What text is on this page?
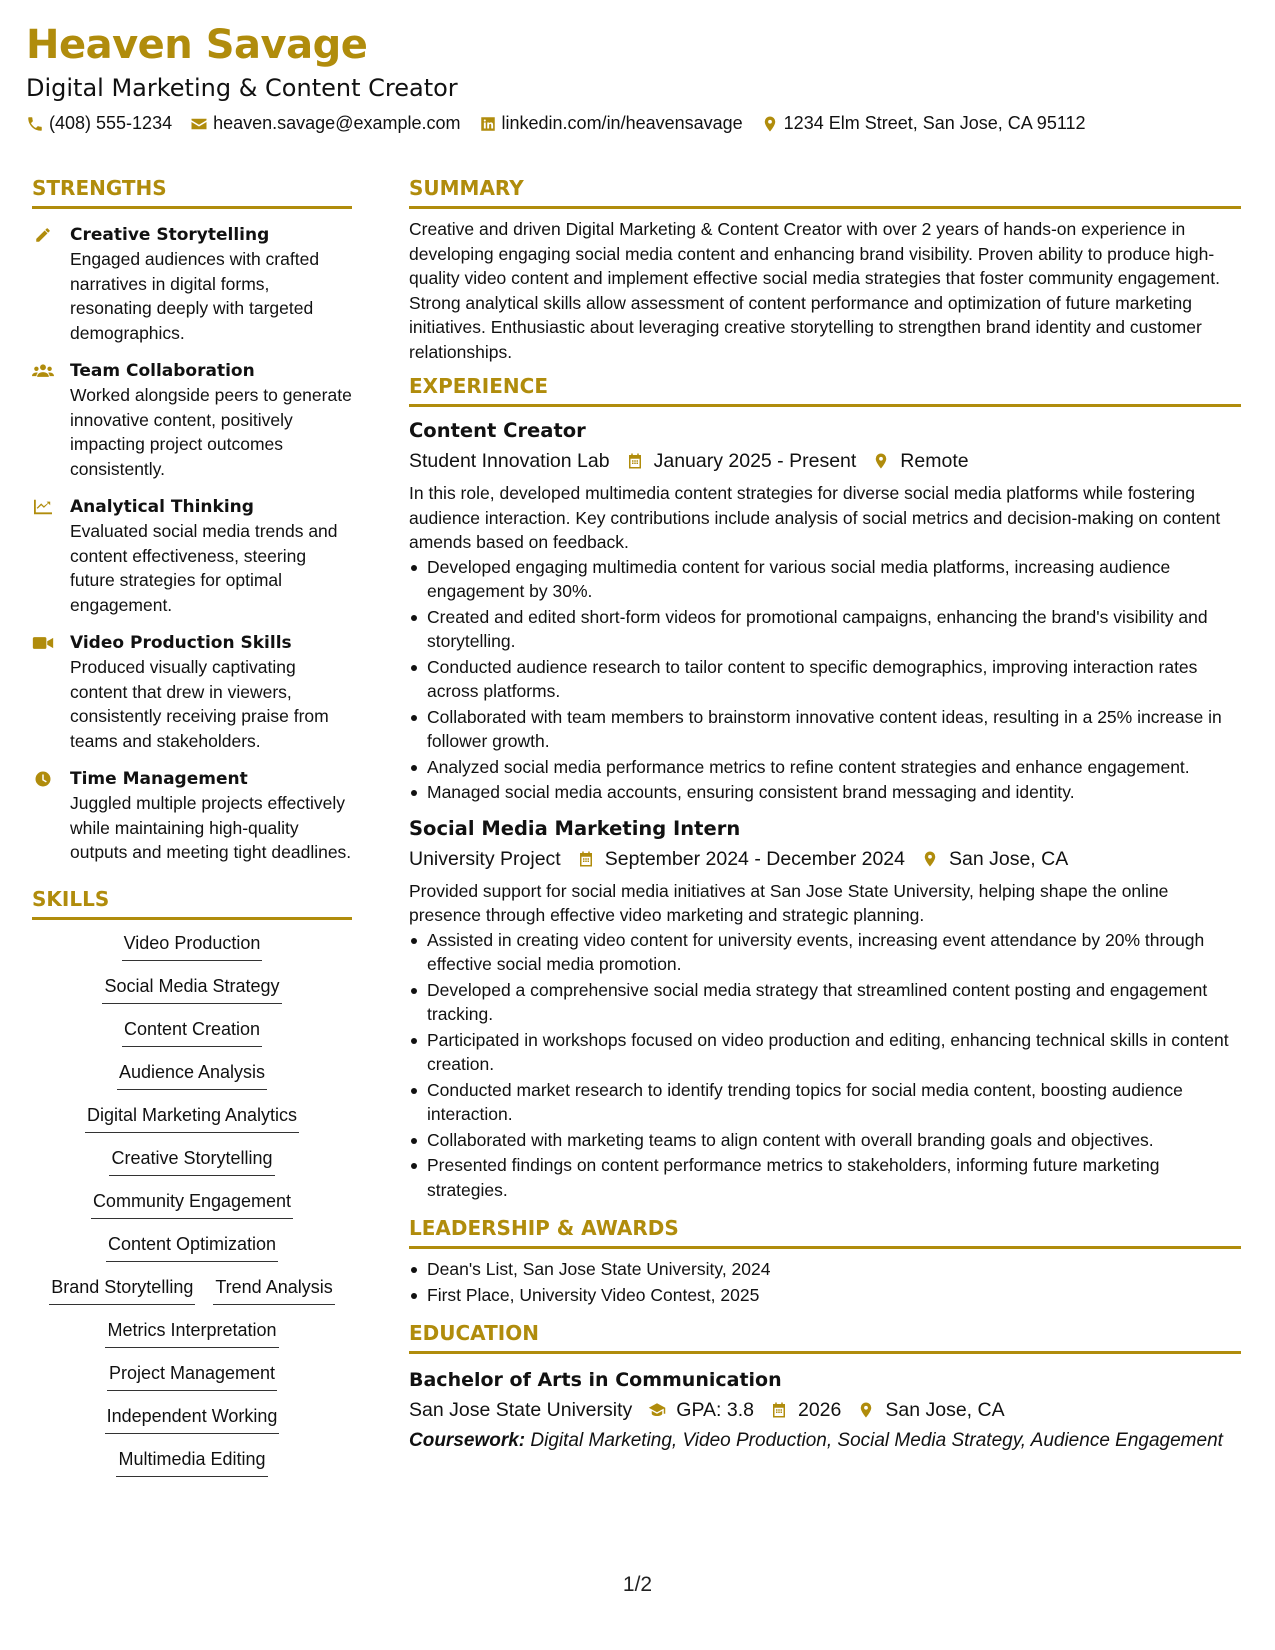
Heaven Savage
Digital Marketing & Content Creator
(408) 555-1234 heaven.savage@example.com linkedin.com/in/heavensavage 1234 Elm Street, San Jose, CA 95112
STRENGTHS
Creative Storytelling
Engaged audiences with crafted narratives in digital forms, resonating deeply with targeted demographics.
Team Collaboration
Worked alongside peers to generate innovative content, positively impacting project outcomes consistently.
Analytical Thinking
Evaluated social media trends and content effectiveness, steering future strategies for optimal engagement.
Video Production Skills
Produced visually captivating content that drew in viewers, consistently receiving praise from teams and stakeholders.
Time Management
Juggled multiple projects effectively while maintaining high-quality outputs and meeting tight deadlines.
SKILLS
Video Production
Social Media Strategy
Content Creation
Audience Analysis
Digital Marketing Analytics
Creative Storytelling
Community Engagement
Content Optimization
Brand Storytelling Trend Analysis
Metrics Interpretation
Project Management
Independent Working
Multimedia Editing
SUMMARY
Creative and driven Digital Marketing & Content Creator with over 2 years of hands-on experience in developing engaging social media content and enhancing brand visibility. Proven ability to produce high-quality video content and implement effective social media strategies that foster community engagement. Strong analytical skills allow assessment of content performance and optimization of future marketing initiatives. Enthusiastic about leveraging creative storytelling to strengthen brand identity and customer relationships.
EXPERIENCE
Content Creator
Student Innovation Lab January 2025 - Present Remote
In this role, developed multimedia content strategies for diverse social media platforms while fostering audience interaction. Key contributions include analysis of social metrics and decision-making on content amends based on feedback.
Developed engaging multimedia content for various social media platforms, increasing audience engagement by 30%.
Created and edited short-form videos for promotional campaigns, enhancing the brand's visibility and storytelling.
Conducted audience research to tailor content to specific demographics, improving interaction rates across platforms.
Collaborated with team members to brainstorm innovative content ideas, resulting in a 25% increase in follower growth.
Analyzed social media performance metrics to refine content strategies and enhance engagement.
Managed social media accounts, ensuring consistent brand messaging and identity.
Social Media Marketing Intern
University Project September 2024 - December 2024 San Jose, CA
Provided support for social media initiatives at San Jose State University, helping shape the online presence through effective video marketing and strategic planning.
Assisted in creating video content for university events, increasing event attendance by 20% through effective social media promotion.
Developed a comprehensive social media strategy that streamlined content posting and engagement tracking.
Participated in workshops focused on video production and editing, enhancing technical skills in content creation.
Conducted market research to identify trending topics for social media content, boosting audience interaction.
Collaborated with marketing teams to align content with overall branding goals and objectives.
Presented findings on content performance metrics to stakeholders, informing future marketing strategies.
LEADERSHIP & AWARDS
Dean's List, San Jose State University, 2024
First Place, University Video Contest, 2025
EDUCATION
Bachelor of Arts in Communication
San Jose State University GPA: 3.8 2026 San Jose, CA
Coursework: Digital Marketing, Video Production, Social Media Strategy, Audience Engagement
1/2
